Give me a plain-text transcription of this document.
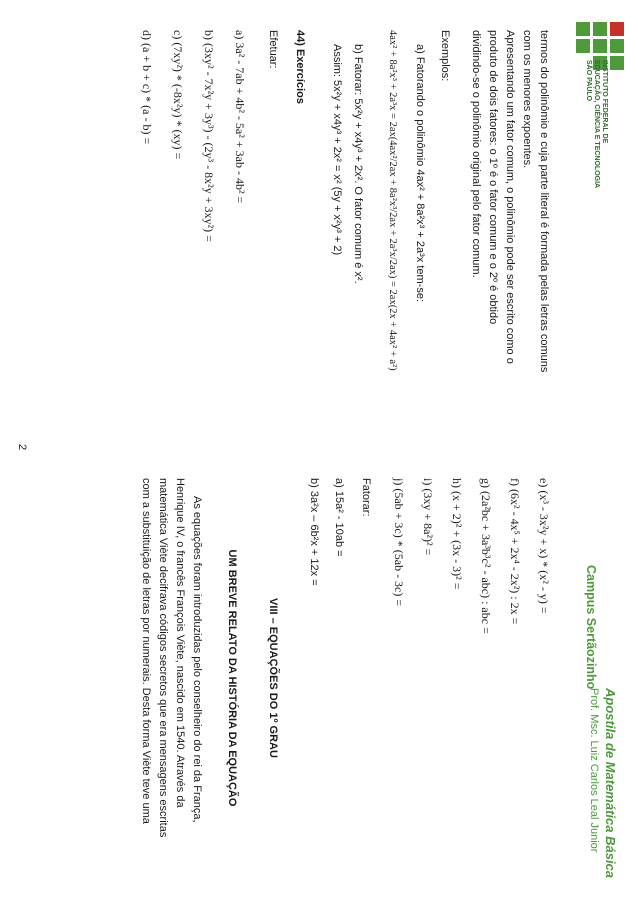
INSTITUTO FEDERAL DE
EDUCAÇÃO, CIÊNCIA E TECNOLOGIA
SÃO PAULO
Campus Sertãozinho
Apostila de Matemática Básica
Prof. Msc. Luiz Carlos Leal Junior
termos do polinômio e cuja parte literal é formada pelas letras comuns
com os menores expoentes.
Apresentando um fator comum, o polinômio pode ser escrito como o
produto de dois fatores: o 1º é o fator comum e o 2º é obtido
dividindo-se o polinômio original pelo fator comum.
Exemplos:
a) Fatorando o polinômio 4ax² + 8a²x³ + 2a³x tem-se:
4ax² + 8a²x³ + 2a³x = 2ax(4ax²/2ax + 8a²x³/2ax + 2a³x/2ax) = 2ax(2x + 4ax² + a²)
b) Fatorar: 5x²y + x4y³ + 2x². O fator comum é x².
Assim: 5x²y + x4y³ + 2x² = x² (5y + x²y³ + 2)
44) Exercícios
Efetuar:
a) 3a² - 7ab + 4b² - 5a² + 3ab - 4b² =
b) (3xy² - 7x²y + 3y³) - (2y³ - 8x²y + 3xy²) =
c) (7xy²) * (-8x²y) * (xy) =
d) (a + b + c) * (a - b) =
e) (x³ - 3x²y + x) * (x² - y) =
f) (6x² - 4x⁵ + 2x⁴ - 2x²) : 2x =
g) (2a²bc + 3a³b³c² - abc) : abc =
h) (x + 2)² + (3x - 3)² =
i) (3xy + 8a²)² =
j) (5ab + 3c) * (5ab - 3c) =
Fatorar:
a) 15a² - 10ab =
b) 3a²x – 6b²x + 12x =
VIII – EQUAÇÕES DO 1º GRAU
UM BREVE RELATO DA HISTÓRIA DA EQUAÇÃO
As equações foram introduzidas pelo conselheiro do rei da França,
Henrique IV, o francês François Viète, nascido em 1540. Através da
matemática Viète decifrava códigos secretos que era mensagens escritas
com a substituição de letras por numerais. Desta forma Viète teve uma
2
